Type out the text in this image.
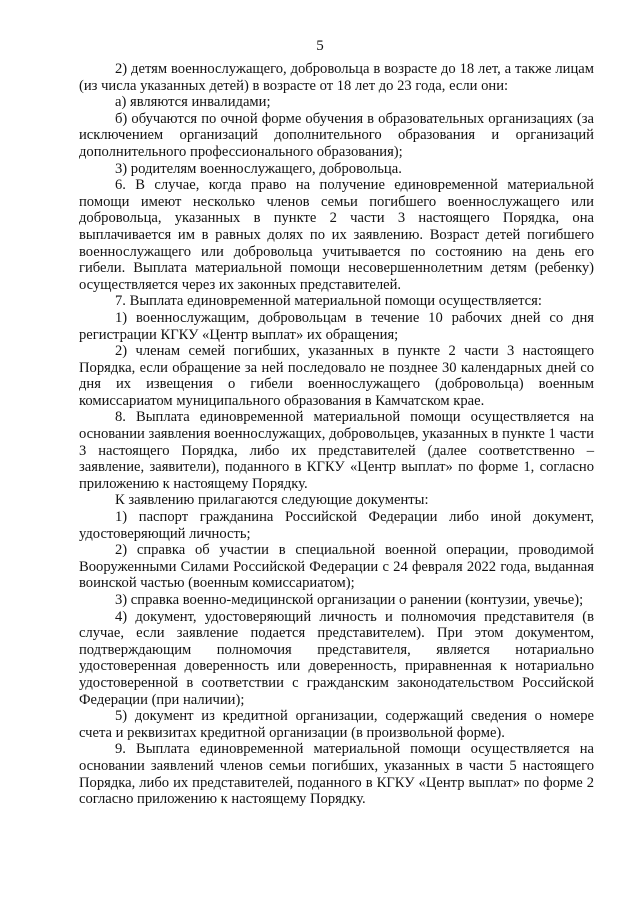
5

2) детям военнослужащего, добровольца в возрасте до 18 лет, а также лицам (из числа указанных детей) в возрасте от 18 лет до 23 года, если они:

а) являются инвалидами;

б) обучаются по очной форме обучения в образовательных организациях (за исключением организаций дополнительного образования и организаций дополнительного профессионального образования);

3) родителям военнослужащего, добровольца.

6. В случае, когда право на получение единовременной материальной помощи имеют несколько членов семьи погибшего военнослужащего или добровольца, указанных в пункте 2 части 3 настоящего Порядка, она выплачивается им в равных долях по их заявлению. Возраст детей погибшего военнослужащего или добровольца учитывается по состоянию на день его гибели. Выплата материальной помощи несовершеннолетним детям (ребенку) осуществляется через их законных представителей.

7. Выплата единовременной материальной помощи осуществляется:

1) военнослужащим, добровольцам в течение 10 рабочих дней со дня регистрации КГКУ «Центр выплат» их обращения;

2) членам семей погибших, указанных в пункте 2 части 3 настоящего Порядка, если обращение за ней последовало не позднее 30 календарных дней со дня их извещения о гибели военнослужащего (добровольца) военным комиссариатом муниципального образования в Камчатском крае.

8. Выплата единовременной материальной помощи осуществляется на основании заявления военнослужащих, добровольцев, указанных в пункте 1 части 3 настоящего Порядка, либо их представителей (далее соответственно – заявление, заявители), поданного в КГКУ «Центр выплат» по форме 1, согласно приложению к настоящему Порядку.

К заявлению прилагаются следующие документы:

1) паспорт гражданина Российской Федерации либо иной документ, удостоверяющий личность;

2) справка об участии в специальной военной операции, проводимой Вооруженными Силами Российской Федерации с 24 февраля 2022 года, выданная воинской частью (военным комиссариатом);

3) справка военно-медицинской организации о ранении (контузии, увечье);

4) документ, удостоверяющий личность и полномочия представителя (в случае, если заявление подается представителем). При этом документом, подтверждающим полномочия представителя, является нотариально удостоверенная доверенность или доверенность, приравненная к нотариально удостоверенной в соответствии с гражданским законодательством Российской Федерации (при наличии);

5) документ из кредитной организации, содержащий сведения о номере счета и реквизитах кредитной организации (в произвольной форме).

9. Выплата единовременной материальной помощи осуществляется на основании заявлений членов семьи погибших, указанных в части 5 настоящего Порядка, либо их представителей, поданного в КГКУ «Центр выплат» по форме 2 согласно приложению к настоящему Порядку.
